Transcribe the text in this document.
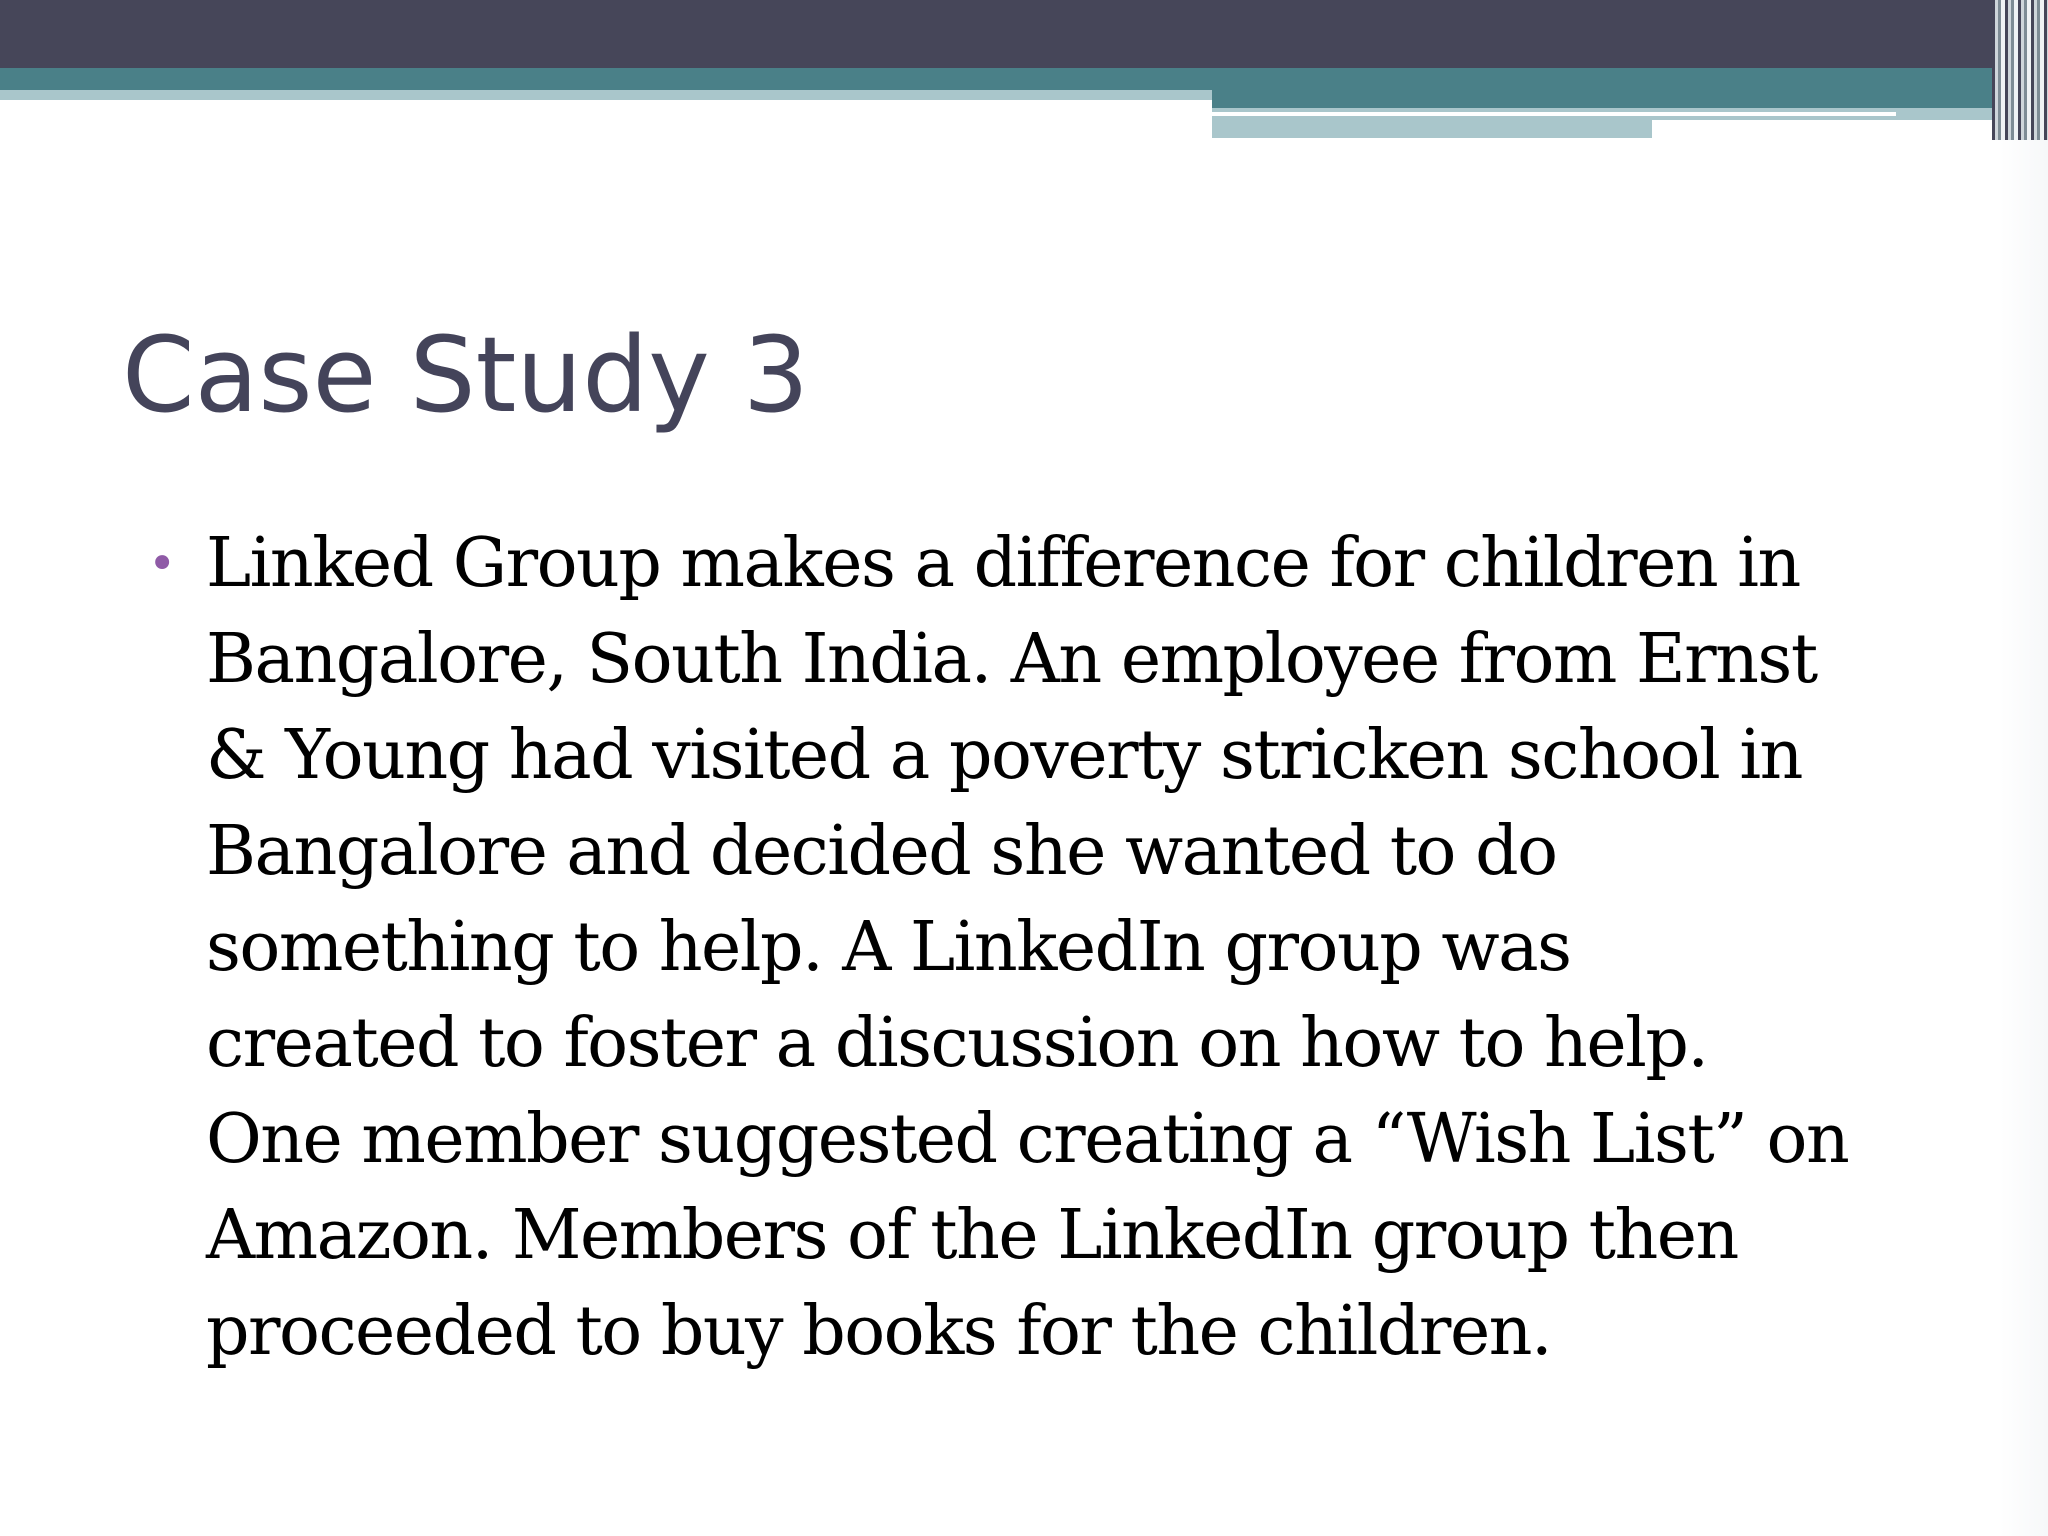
Case Study 3
• Linked Group makes a difference for children in
Bangalore, South India. An employee from Ernst
& Young had visited a poverty stricken school in
Bangalore and decided she wanted to do
something to help. A LinkedIn group was
created to foster a discussion on how to help.
One member suggested creating a “Wish List” on
Amazon. Members of the LinkedIn group then
proceeded to buy books for the children.
